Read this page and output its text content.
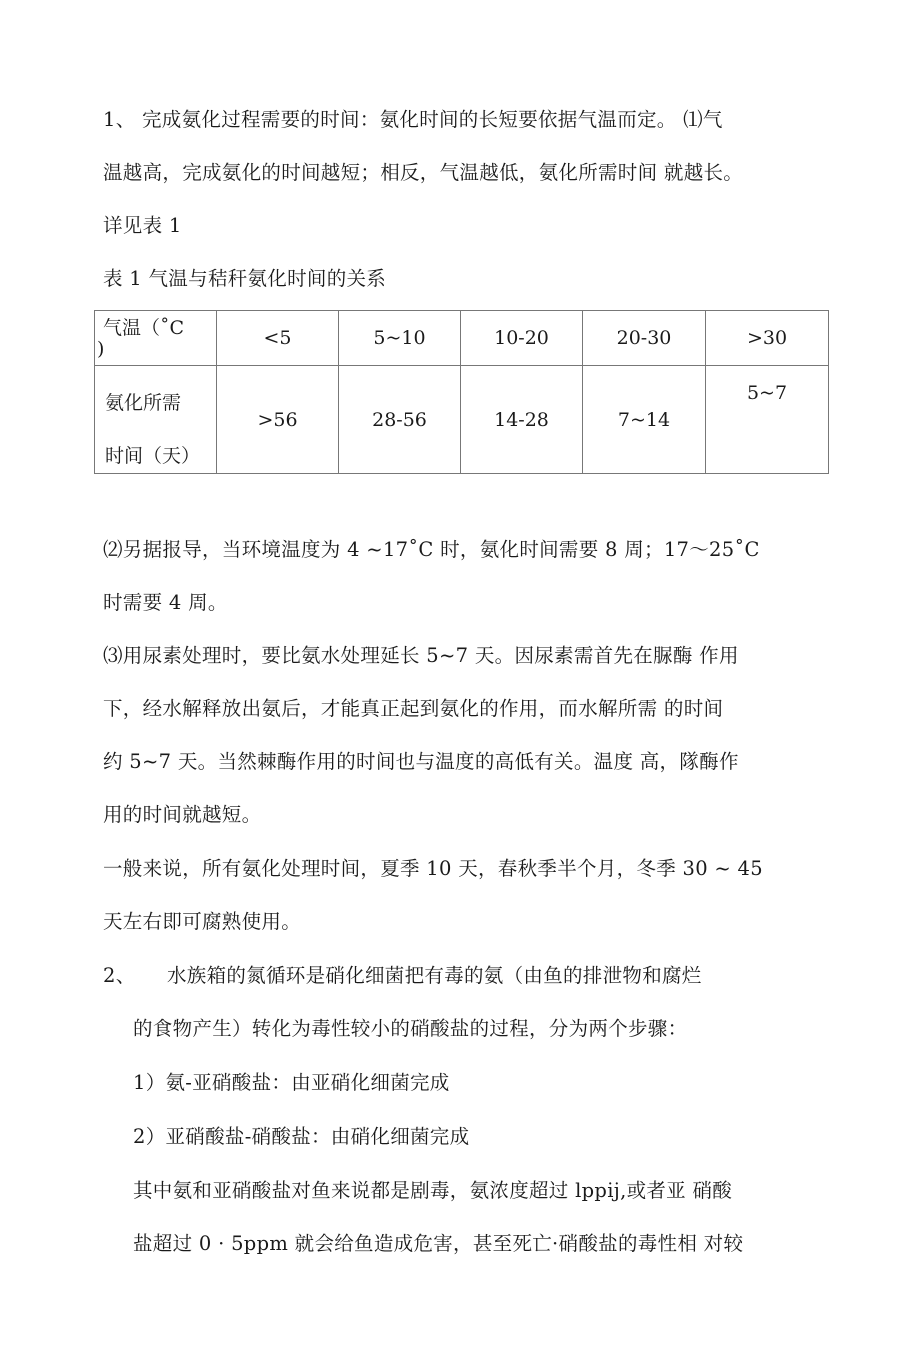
1、 完成氨化过程需要的时间：氨化时间的长短要依据气温而定。 ⑴气
温越高，完成氨化的时间越短；相反，气温越低，氨化所需时间 就越长。
详见表 1
表 1 气温与秸秆氨化时间的关系
气温（˚C
)	<5	5~10	10-20	20-30	>30

氨化所需
时间（天）	>56	28-56	14-28	7~14	5~7
⑵另据报导，当环境温度为 4 ~17˚C 时，氨化时间需要 8 周；17～25˚C
时需要 4 周。
⑶用尿素处理时，要比氨水处理延长 5~7 天。因尿素需首先在脲酶 作用
下，经水解释放出氨后，才能真正起到氨化的作用，而水解所需 的时间
约 5~7 天。当然棘酶作用的时间也与温度的高低有关。温度 高，隊酶作
用的时间就越短。
一般来说，所有氨化处理时间，夏季 10 天，春秋季半个月，冬季 30 ~ 45
天左右即可腐熟使用。
2、 水族箱的氮循环是硝化细菌把有毒的氨（由鱼的排泄物和腐烂
的食物产生）转化为毒性较小的硝酸盐的过程，分为两个步骤：
1）氨-亚硝酸盐：由亚硝化细菌完成
2）亚硝酸盐-硝酸盐：由硝化细菌完成
其中氨和亚硝酸盐对鱼来说都是剧毒，氨浓度超过 lppij,或者亚 硝酸
盐超过 0 · 5ppm 就会给鱼造成危害，甚至死亡·硝酸盐的毒性相 对较
